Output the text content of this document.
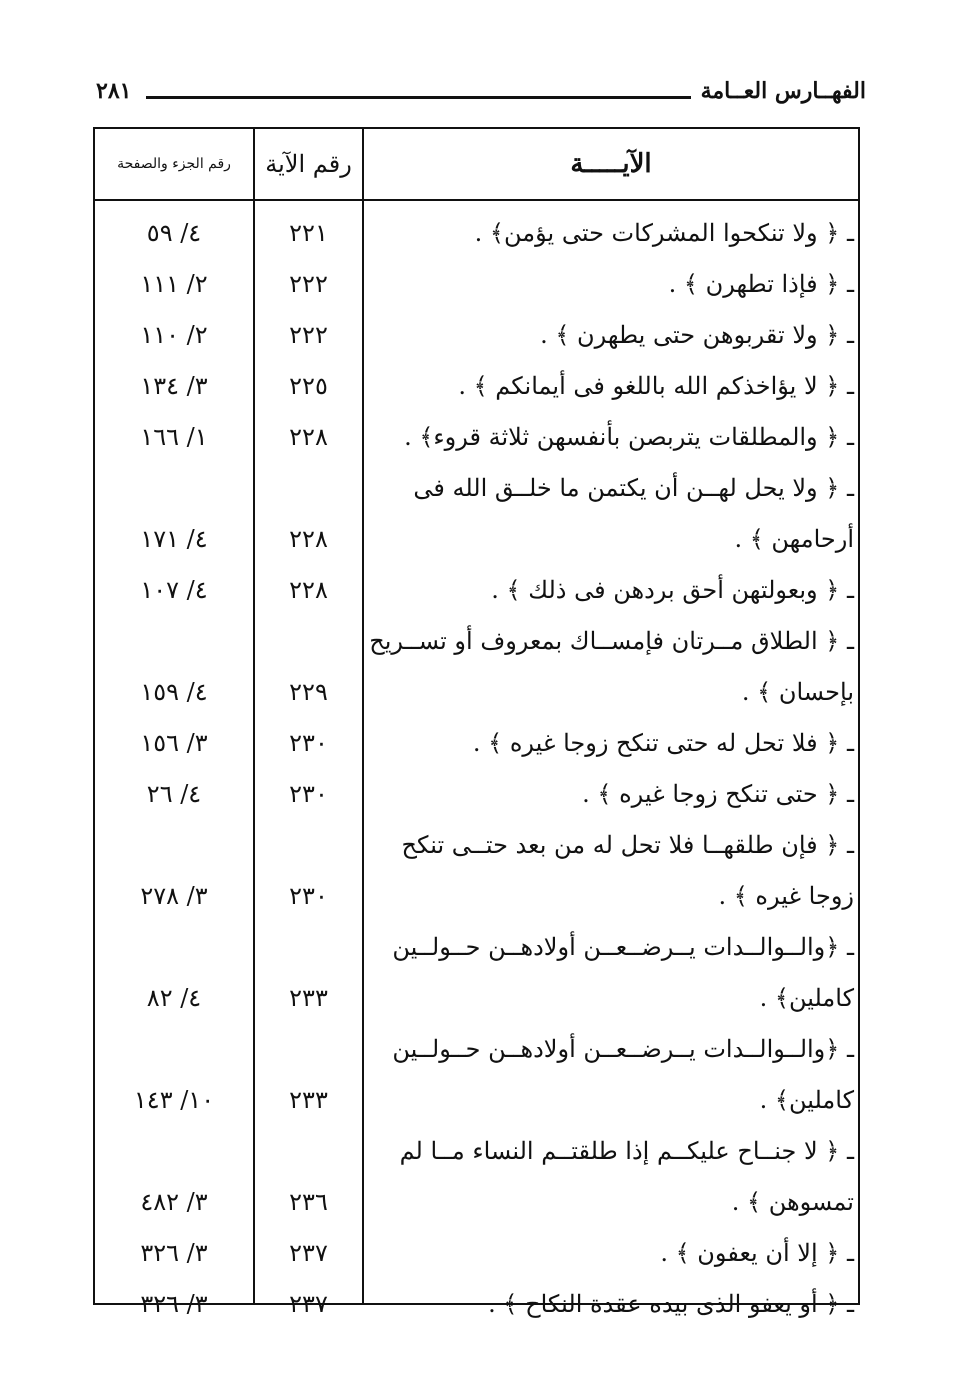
الفهــارس العــامة
٢٨١
الآيـــــة
رقم الآية
رقم الجزء والصفحة
ـ ﴿ ولا تنكحوا المشركات حتى يؤمن﴾ .
٢٢١
٤/ ٥٩
ـ ﴿ فإذا تطهرن ﴾ .
٢٢٢
٢/ ١١١
ـ ﴿ ولا تقربوهن حتى يطهرن ﴾ .
٢٢٢
٢/ ١١٠
ـ ﴿ لا يؤاخذكم الله باللغو فى أيمانكم ﴾ .
٢٢٥
٣/ ١٣٤
ـ ﴿ والمطلقات يتربصن بأنفسهن ثلاثة قروء﴾ .
٢٢٨
١/ ١٦٦
ـ ﴿ ولا يحل لهــن أن يكتمن ما خلــق الله فى
أرحامهن ﴾ .
٢٢٨
٤/ ١٧١
ـ ﴿ وبعولتهن أحق بردهن فى ذلك ﴾ .
٢٢٨
٤/ ١٠٧
ـ ﴿ الطلاق مــرتان فإمســاك بمعروف أو تســريح
بإحسان ﴾ .
٢٢٩
٤/ ١٥٩
ـ ﴿ فلا تحل له حتى تنكح زوجا غيره ﴾ .
٢٣٠
٣/ ١٥٦
ـ ﴿ حتى تنكح زوجا غيره ﴾ .
٢٣٠
٤/ ٢٦
ـ ﴿ فإن طلقهــا فلا تحل له من بعد حتــى تنكح
زوجا غيره ﴾ .
٢٣٠
٣/ ٢٧٨
ـ ﴿والــوالــدات يــرضــعــن أولادهــن حــولــين
كاملين﴾ .
٢٣٣
٤/ ٨٢
ـ ﴿والــوالــدات يــرضــعــن أولادهــن حــولــين
كاملين﴾ .
٢٣٣
١٠/ ١٤٣
ـ ﴿ لا جنــاح عليكــم إذا طلقتــم النساء مــا لم
تمسوهن ﴾ .
٢٣٦
٣/ ٤٨٢
ـ ﴿ إلا أن يعفون ﴾ .
٢٣٧
٣/ ٣٢٦
ـ ﴿ أو يعفو الذى بيده عقدة النكاح ﴾ .
٢٣٧
٣/ ٣٢٦
